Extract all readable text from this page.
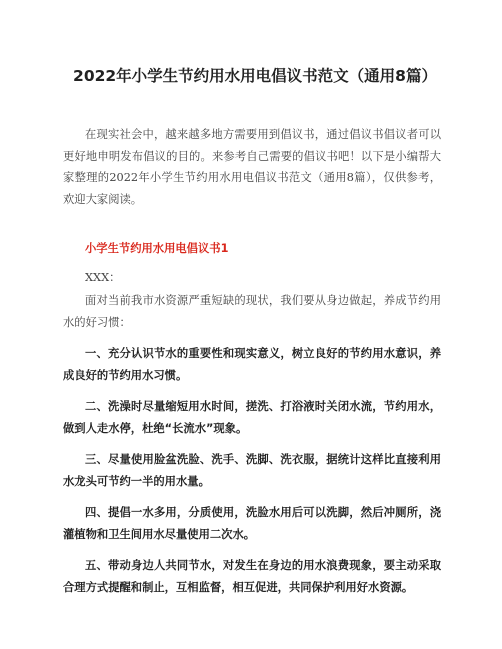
2022年小学生节约用水用电倡议书范文（通用8篇）

在现实社会中，越来越多地方需要用到倡议书，通过倡议书倡议者可以更好地申明发布倡议的目的。来参考自己需要的倡议书吧！以下是小编帮大家整理的2022年小学生节约用水用电倡议书范文（通用8篇），仅供参考，欢迎大家阅读。

小学生节约用水用电倡议书1

XXX：

面对当前我市水资源严重短缺的现状，我们要从身边做起，养成节约用水的好习惯：

一、充分认识节水的重要性和现实意义，树立良好的节约用水意识，养成良好的节约用水习惯。

二、洗澡时尽量缩短用水时间，搓洗、打浴液时关闭水流，节约用水，做到人走水停，杜绝“长流水”现象。

三、尽量使用脸盆洗脸、洗手、洗脚、洗衣服，据统计这样比直接利用水龙头可节约一半的用水量。

四、提倡一水多用，分质使用，洗脸水用后可以洗脚，然后冲厕所，浇灌植物和卫生间用水尽量使用二次水。

五、带动身边人共同节水，对发生在身边的用水浪费现象，要主动采取合理方式提醒和制止，互相监督，相互促进，共同保护利用好水资源。
